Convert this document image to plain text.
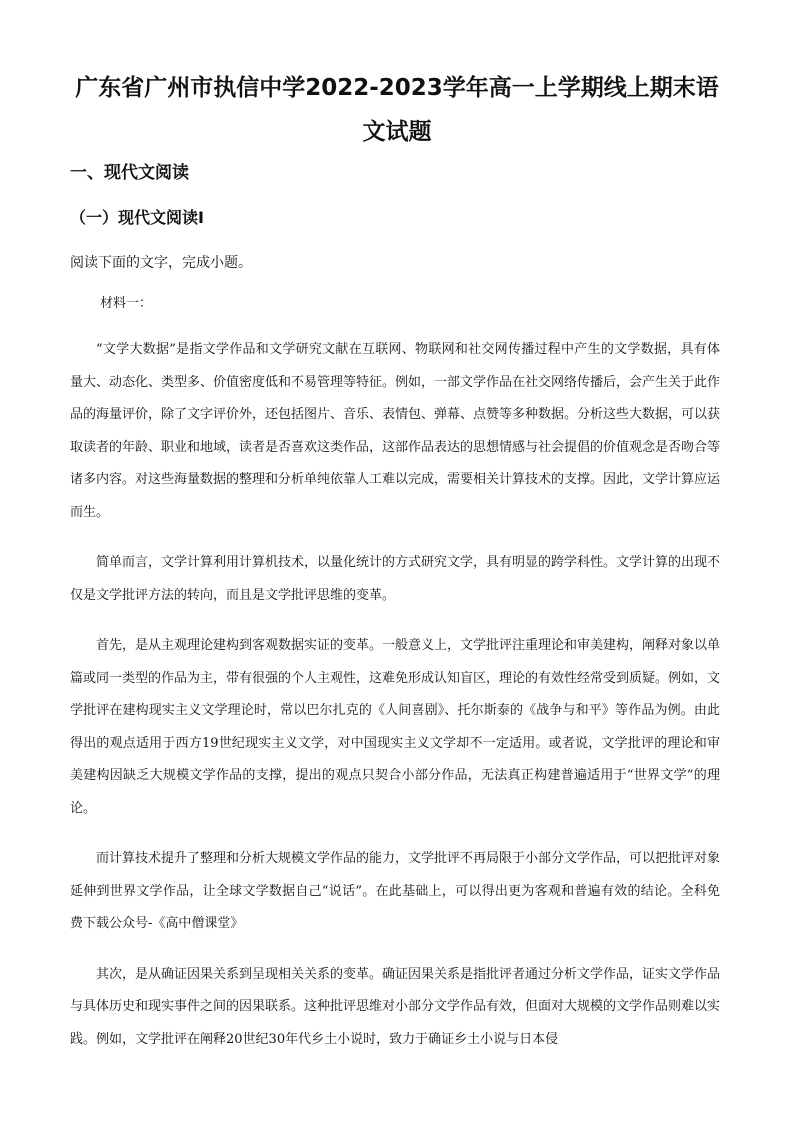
广东省广州市执信中学2022-2023学年高一上学期线上期末语文试题
一、现代文阅读
（一）现代文阅读I

阅读下面的文字，完成小题。

材料一：

“文学大数据”是指文学作品和文学研究文献在互联网、物联网和社交网传播过程中产生的文学数据，具有体量大、动态化、类型多、价值密度低和不易管理等特征。例如，一部文学作品在社交网络传播后，会产生关于此作品的海量评价，除了文字评价外，还包括图片、音乐、表情包、弹幕、点赞等多种数据。分析这些大数据，可以获取读者的年龄、职业和地域，读者是否喜欢这类作品，这部作品表达的思想情感与社会提倡的价值观念是否吻合等诸多内容。对这些海量数据的整理和分析单纯依靠人工难以完成，需要相关计算技术的支撑。因此，文学计算应运而生。

简单而言，文学计算利用计算机技术，以量化统计的方式研究文学，具有明显的跨学科性。文学计算的出现不仅是文学批评方法的转向，而且是文学批评思维的变革。

首先，是从主观理论建构到客观数据实证的变革。一般意义上，文学批评注重理论和审美建构，阐释对象以单篇或同一类型的作品为主，带有很强的个人主观性，这难免形成认知盲区，理论的有效性经常受到质疑。例如，文学批评在建构现实主义文学理论时，常以巴尔扎克的《人间喜剧》、托尔斯泰的《战争与和平》等作品为例。由此得出的观点适用于西方19世纪现实主义文学，对中国现实主义文学却不一定适用。或者说，文学批评的理论和审美建构因缺乏大规模文学作品的支撑，提出的观点只契合小部分作品，无法真正构建普遍适用于“世界文学”的理论。

而计算技术提升了整理和分析大规模文学作品的能力，文学批评不再局限于小部分文学作品，可以把批评对象延伸到世界文学作品，让全球文学数据自己“说话”。在此基础上，可以得出更为客观和普遍有效的结论。全科免费下载公众号-《高中僧课堂》

其次，是从确证因果关系到呈现相关关系的变革。确证因果关系是指批评者通过分析文学作品，证实文学作品与具体历史和现实事件之间的因果联系。这种批评思维对小部分文学作品有效，但面对大规模的文学作品则难以实践。例如，文学批评在阐释20世纪30年代乡土小说时，致力于确证乡土小说与日本侵
